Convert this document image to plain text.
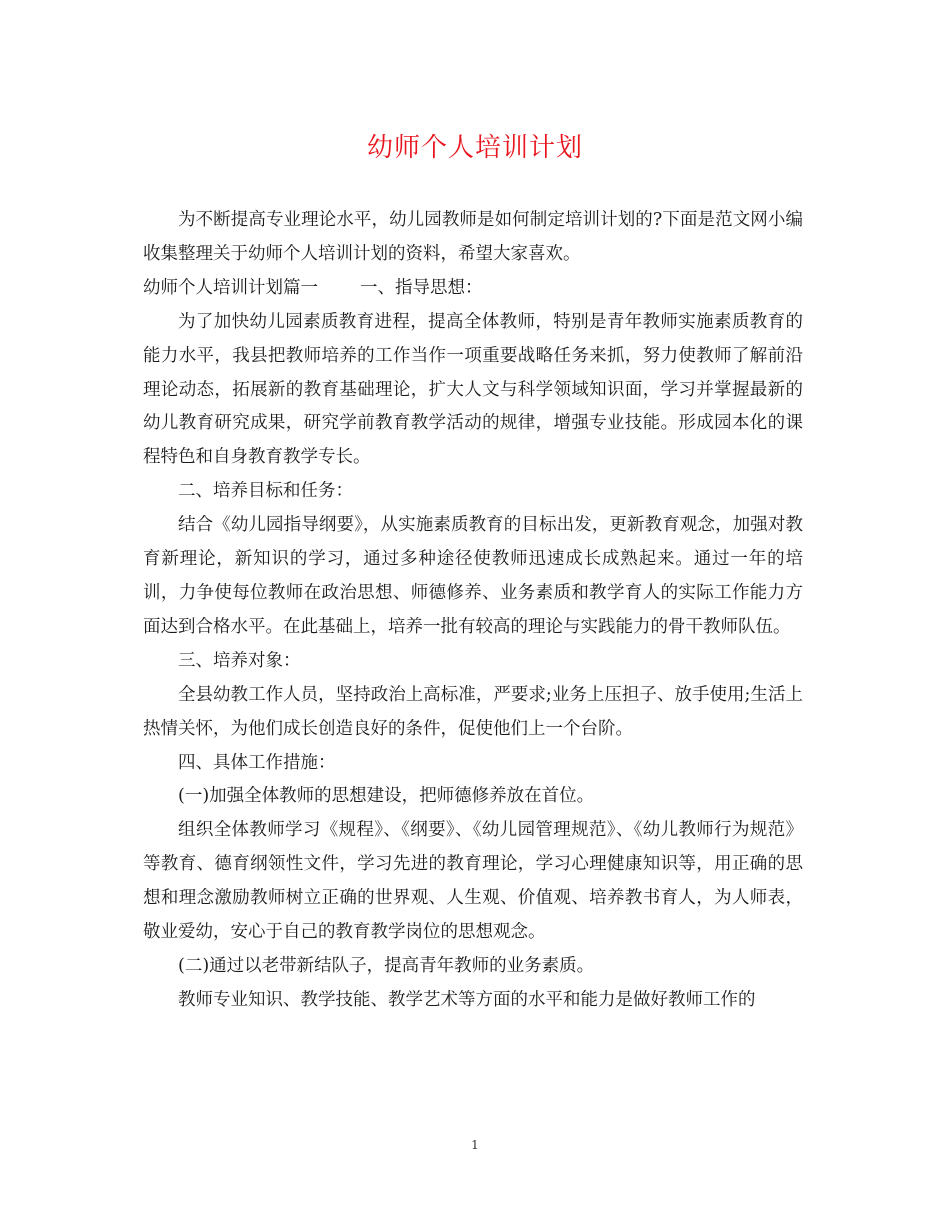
幼师个人培训计划

为不断提高专业理论水平，幼儿园教师是如何制定培训计划的?下面是范文网小编收集整理关于幼师个人培训计划的资料，希望大家喜欢。

幼师个人培训计划篇一 一、指导思想：

为了加快幼儿园素质教育进程，提高全体教师，特别是青年教师实施素质教育的能力水平，我县把教师培养的工作当作一项重要战略任务来抓，努力使教师了解前沿理论动态，拓展新的教育基础理论，扩大人文与科学领域知识面，学习并掌握最新的幼儿教育研究成果，研究学前教育教学活动的规律，增强专业技能。形成园本化的课程特色和自身教育教学专长。

二、培养目标和任务：

结合《幼儿园指导纲要》，从实施素质教育的目标出发，更新教育观念，加强对教育新理论，新知识的学习，通过多种途径使教师迅速成长成熟起来。通过一年的培训，力争使每位教师在政治思想、师德修养、业务素质和教学育人的实际工作能力方面达到合格水平。在此基础上，培养一批有较高的理论与实践能力的骨干教师队伍。

三、培养对象：

全县幼教工作人员，坚持政治上高标准，严要求;业务上压担子、放手使用;生活上热情关怀，为他们成长创造良好的条件，促使他们上一个台阶。

四、具体工作措施：

(一)加强全体教师的思想建设，把师德修养放在首位。

组织全体教师学习《规程》、《纲要》、《幼儿园管理规范》、《幼儿教师行为规范》等教育、德育纲领性文件，学习先进的教育理论，学习心理健康知识等，用正确的思想和理念激励教师树立正确的世界观、人生观、价值观、培养教书育人，为人师表，敬业爱幼，安心于自己的教育教学岗位的思想观念。

(二)通过以老带新结队子，提高青年教师的业务素质。

教师专业知识、教学技能、教学艺术等方面的水平和能力是做好教师工作的

1
